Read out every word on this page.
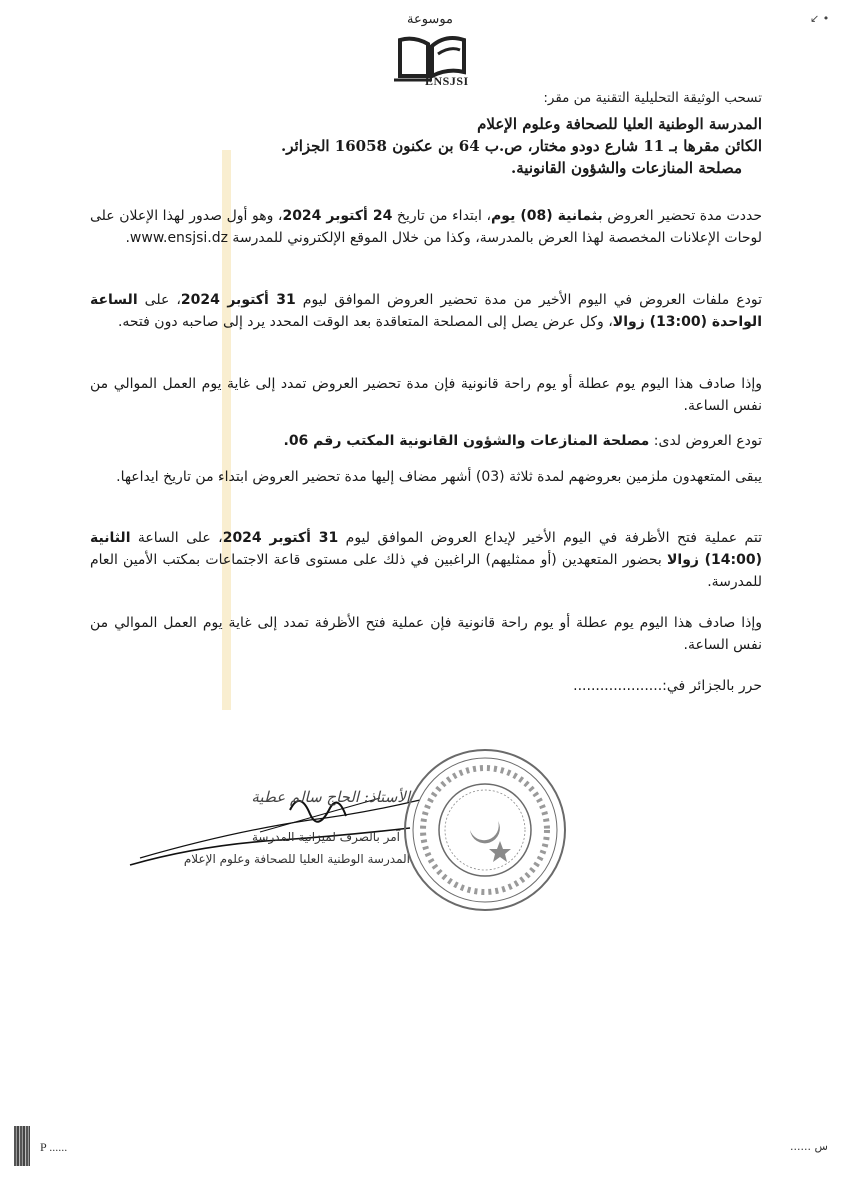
موسوعة
ENSJSI
↙ •
تسحب الوثيقة التحليلية التقنية من مقر:
المدرسة الوطنية العليا للصحافة وعلوم الإعلام
الكائن مقرها بـ 11 شارع دودو مختار، ص.ب 64 بن عكنون 16058 الجزائر.
مصلحة المنازعات والشؤون القانونية.
حددت مدة تحضير العروض بثمانية (08) يوم، ابتداء من تاريخ 24 أكتوبر 2024، وهو أول صدور لهذا الإعلان على لوحات الإعلانات المخصصة لهذا العرض بالمدرسة، وكذا من خلال الموقع الإلكتروني للمدرسة www.ensjsi.dz.
تودع ملفات العروض في اليوم الأخير من مدة تحضير العروض الموافق ليوم 31 أكتوبر 2024، على الساعة الواحدة (13:00) زوالا، وكل عرض يصل إلى المصلحة المتعاقدة بعد الوقت المحدد يرد إلى صاحبه دون فتحه.
وإذا صادف هذا اليوم يوم عطلة أو يوم راحة قانونية فإن مدة تحضير العروض تمدد إلى غاية يوم العمل الموالي من نفس الساعة.
تودع العروض لدى: مصلحة المنازعات والشؤون القانونية المكتب رقم 06.
يبقى المتعهدون ملزمين بعروضهم لمدة ثلاثة (03) أشهر مضاف إليها مدة تحضير العروض ابتداء من تاريخ ايداعها.
تتم عملية فتح الأظرفة في اليوم الأخير لإيداع العروض الموافق ليوم 31 أكتوبر 2024، على الساعة الثانية (14:00) زوالا بحضور المتعهدين (أو ممثليهم) الراغبين في ذلك على مستوى قاعة الاجتماعات بمكتب الأمين العام للمدرسة.
وإذا صادف هذا اليوم يوم عطلة أو يوم راحة قانونية فإن عملية فتح الأظرفة تمدد إلى غاية يوم العمل الموالي من نفس الساعة.
حرر بالجزائر في:....................
الأستاذ: الحاج سالم عطية
آمر بالصرف لميزانية المدرسة
المدرسة الوطنية العليا للصحافة وعلوم الإعلام
P ......	س ......
